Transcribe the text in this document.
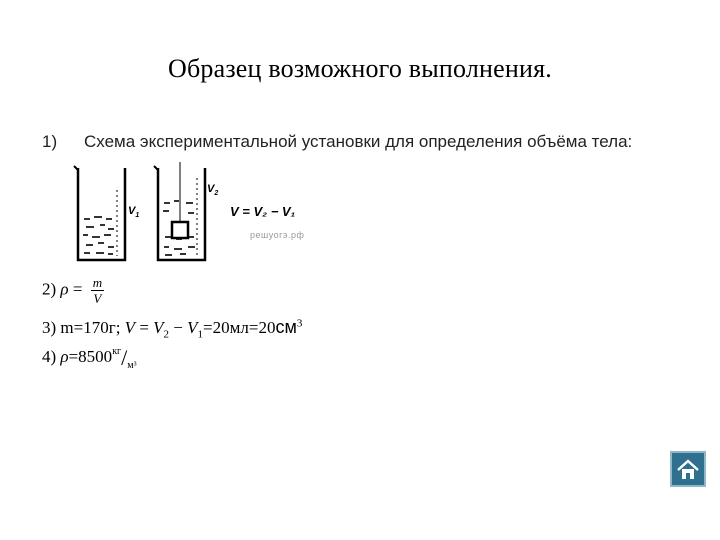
Образец возможного выполнения.
1) Схема экспериментальной установки для определения объёма тела:
$V_1$
$V_2$
V = V₂ − V₁
решуогэ.рф
2) $\rho = \frac{m}{V}$
3) m=170г; $V = V_2 - V_1=20мл=20см^3$
4) $\rho=8500^{кг}/_{м^3}$
